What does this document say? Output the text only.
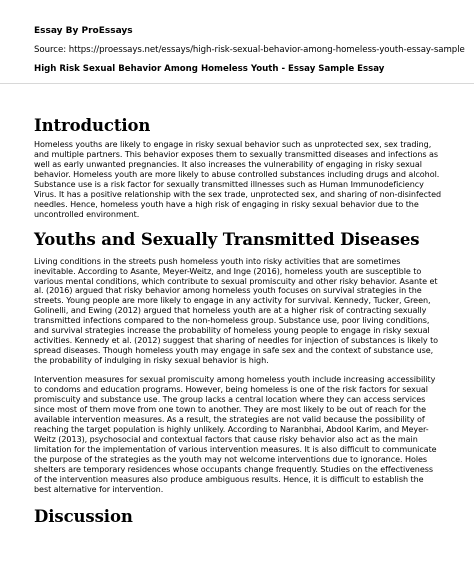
Essay By ProEssays
Source: https://proessays.net/essays/high-risk-sexual-behavior-among-homeless-youth-essay-sample
High Risk Sexual Behavior Among Homeless Youth - Essay Sample Essay
Introduction

Homeless youths are likely to engage in risky sexual behavior such as unprotected sex, sex trading, and multiple partners. This behavior exposes them to sexually transmitted diseases and infections as well as early unwanted pregnancies. It also increases the vulnerability of engaging in risky sexual behavior. Homeless youth are more likely to abuse controlled substances including drugs and alcohol. Substance use is a risk factor for sexually transmitted illnesses such as Human Immunodeficiency Virus. It has a positive relationship with the sex trade, unprotected sex, and sharing of non-disinfected needles. Hence, homeless youth have a high risk of engaging in risky sexual behavior due to the uncontrolled environment.

Youths and Sexually Transmitted Diseases

Living conditions in the streets push homeless youth into risky activities that are sometimes inevitable. According to Asante, Meyer-Weitz, and Inge (2016), homeless youth are susceptible to various mental conditions, which contribute to sexual promiscuity and other risky behavior. Asante et al. (2016) argued that risky behavior among homeless youth focuses on survival strategies in the streets. Young people are more likely to engage in any activity for survival. Kennedy, Tucker, Green, Golinelli, and Ewing (2012) argued that homeless youth are at a higher risk of contracting sexually transmitted infections compared to the non-homeless group. Substance use, poor living conditions, and survival strategies increase the probability of homeless young people to engage in risky sexual activities. Kennedy et al. (2012) suggest that sharing of needles for injection of substances is likely to spread diseases. Though homeless youth may engage in safe sex and the context of substance use, the probability of indulging in risky sexual behavior is high.

Intervention measures for sexual promiscuity among homeless youth include increasing accessibility to condoms and education programs. However, being homeless is one of the risk factors for sexual promiscuity and substance use. The group lacks a central location where they can access services since most of them move from one town to another. They are most likely to be out of reach for the available intervention measures. As a result, the strategies are not valid because the possibility of reaching the target population is highly unlikely. According to Naranbhai, Abdool Karim, and Meyer-Weitz (2013), psychosocial and contextual factors that cause risky behavior also act as the main limitation for the implementation of various intervention measures. It is also difficult to communicate the purpose of the strategies as the youth may not welcome interventions due to ignorance. Holes shelters are temporary residences whose occupants change frequently. Studies on the effectiveness of the intervention measures also produce ambiguous results. Hence, it is difficult to establish the best alternative for intervention.

Discussion
